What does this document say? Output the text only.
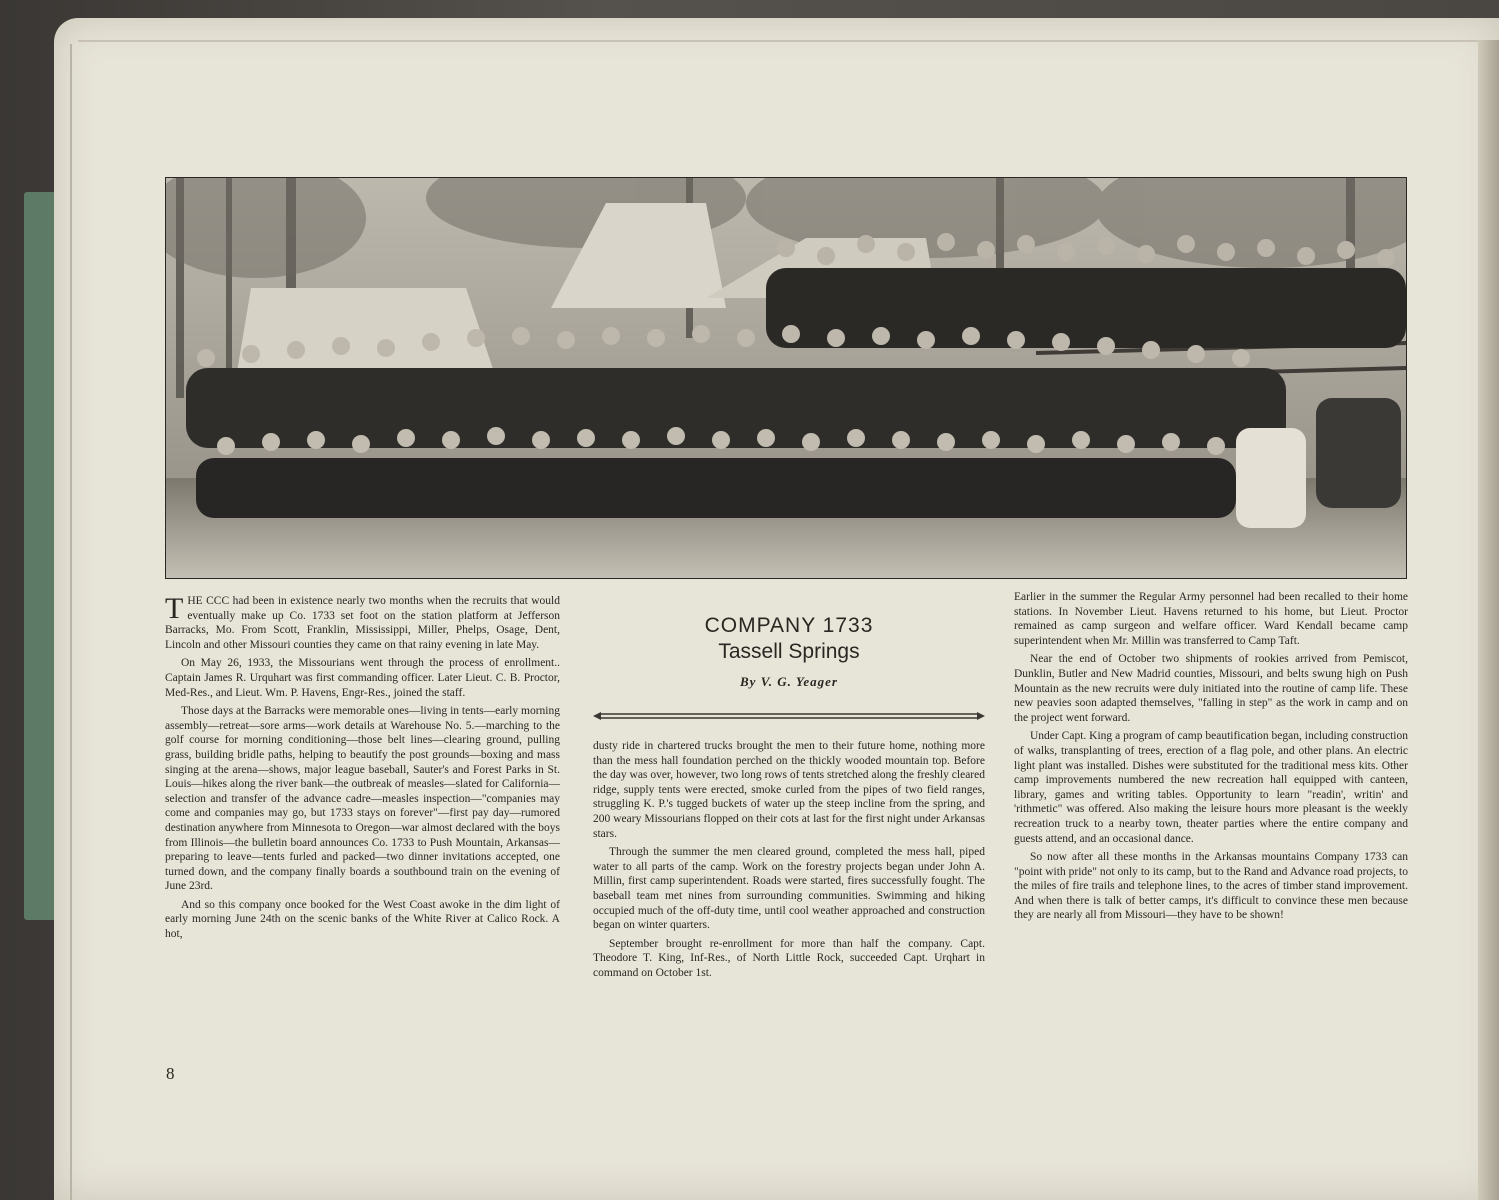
THE CCC had been in existence nearly two months when the recruits that would eventually make up Co. 1733 set foot on the station platform at Jefferson Barracks, Mo. From Scott, Franklin, Mississippi, Miller, Phelps, Osage, Dent, Lincoln and other Missouri counties they came on that rainy evening in late May.

On May 26, 1933, the Missourians went through the process of enrollment.. Captain James R. Urquhart was first commanding officer. Later Lieut. C. B. Proctor, Med-Res., and Lieut. Wm. P. Havens, Engr-Res., joined the staff.

Those days at the Barracks were memorable ones—living in tents—early morning assembly—retreat—sore arms—work details at Warehouse No. 5.—marching to the golf course for morning conditioning—those belt lines—clearing ground, pulling grass, building bridle paths, helping to beautify the post grounds—boxing and mass singing at the arena—shows, major league baseball, Sauter's and Forest Parks in St. Louis—hikes along the river bank—the outbreak of measles—slated for California—selection and transfer of the advance cadre—measles inspection—"companies may come and companies may go, but 1733 stays on forever"—first pay day—rumored destination anywhere from Minnesota to Oregon—war almost declared with the boys from Illinois—the bulletin board announces Co. 1733 to Push Mountain, Arkansas—preparing to leave—tents furled and packed—two dinner invitations accepted, one turned down, and the company finally boards a southbound train on the evening of June 23rd.

And so this company once booked for the West Coast awoke in the dim light of early morning June 24th on the scenic banks of the White River at Calico Rock. A hot,

COMPANY 1733

Tassell Springs

By V. G. Yeager

dusty ride in chartered trucks brought the men to their future home, nothing more than the mess hall foundation perched on the thickly wooded mountain top. Before the day was over, however, two long rows of tents stretched along the freshly cleared ridge, supply tents were erected, smoke curled from the pipes of two field ranges, struggling K. P.'s tugged buckets of water up the steep incline from the spring, and 200 weary Missourians flopped on their cots at last for the first night under Arkansas stars.

Through the summer the men cleared ground, completed the mess hall, piped water to all parts of the camp. Work on the forestry projects began under John A. Millin, first camp superintendent. Roads were started, fires successfully fought. The baseball team met nines from surrounding communities. Swimming and hiking occupied much of the off-duty time, until cool weather approached and construction began on winter quarters.

September brought re-enrollment for more than half the company. Capt. Theodore T. King, Inf-Res., of North Little Rock, succeeded Capt. Urqhart in command on October 1st.

Earlier in the summer the Regular Army personnel had been recalled to their home stations. In November Lieut. Havens returned to his home, but Lieut. Proctor remained as camp surgeon and welfare officer. Ward Kendall became camp superintendent when Mr. Millin was transferred to Camp Taft.

Near the end of October two shipments of rookies arrived from Pemiscot, Dunklin, Butler and New Madrid counties, Missouri, and belts swung high on Push Mountain as the new recruits were duly initiated into the routine of camp life. These new peavies soon adapted themselves, "falling in step" as the work in camp and on the project went forward.

Under Capt. King a program of camp beautification began, including construction of walks, transplanting of trees, erection of a flag pole, and other plans. An electric light plant was installed. Dishes were substituted for the traditional mess kits. Other camp improvements numbered the new recreation hall equipped with canteen, library, games and writing tables. Opportunity to learn "readin', writin' and 'rithmetic" was offered. Also making the leisure hours more pleasant is the weekly recreation truck to a nearby town, theater parties where the entire company and guests attend, and an occasional dance.

So now after all these months in the Arkansas mountains Company 1733 can "point with pride" not only to its camp, but to the Rand and Advance road projects, to the miles of fire trails and telephone lines, to the acres of timber stand improvement. And when there is talk of better camps, it's difficult to convince these men because they are nearly all from Missouri—they have to be shown!

8
